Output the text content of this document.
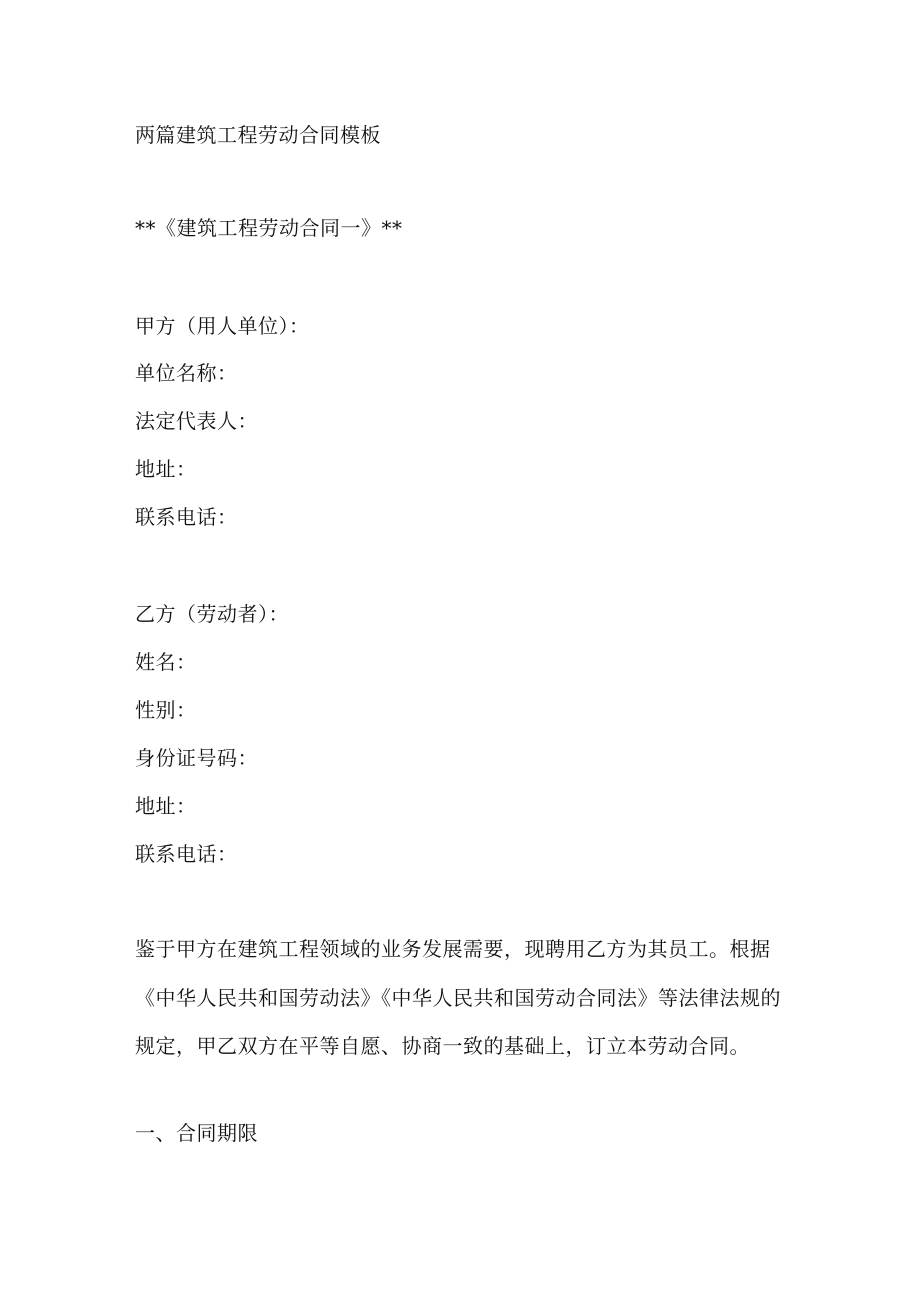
两篇建筑工程劳动合同模板
**《建筑工程劳动合同一》**
甲方（用人单位）：
单位名称：
法定代表人：
地址：
联系电话：
乙方（劳动者）：
姓名：
性别：
身份证号码：
地址：
联系电话：
鉴于甲方在建筑工程领域的业务发展需要，现聘用乙方为其员工。根据
《中华人民共和国劳动法》《中华人民共和国劳动合同法》等法律法规的
规定，甲乙双方在平等自愿、协商一致的基础上，订立本劳动合同。
一、合同期限
